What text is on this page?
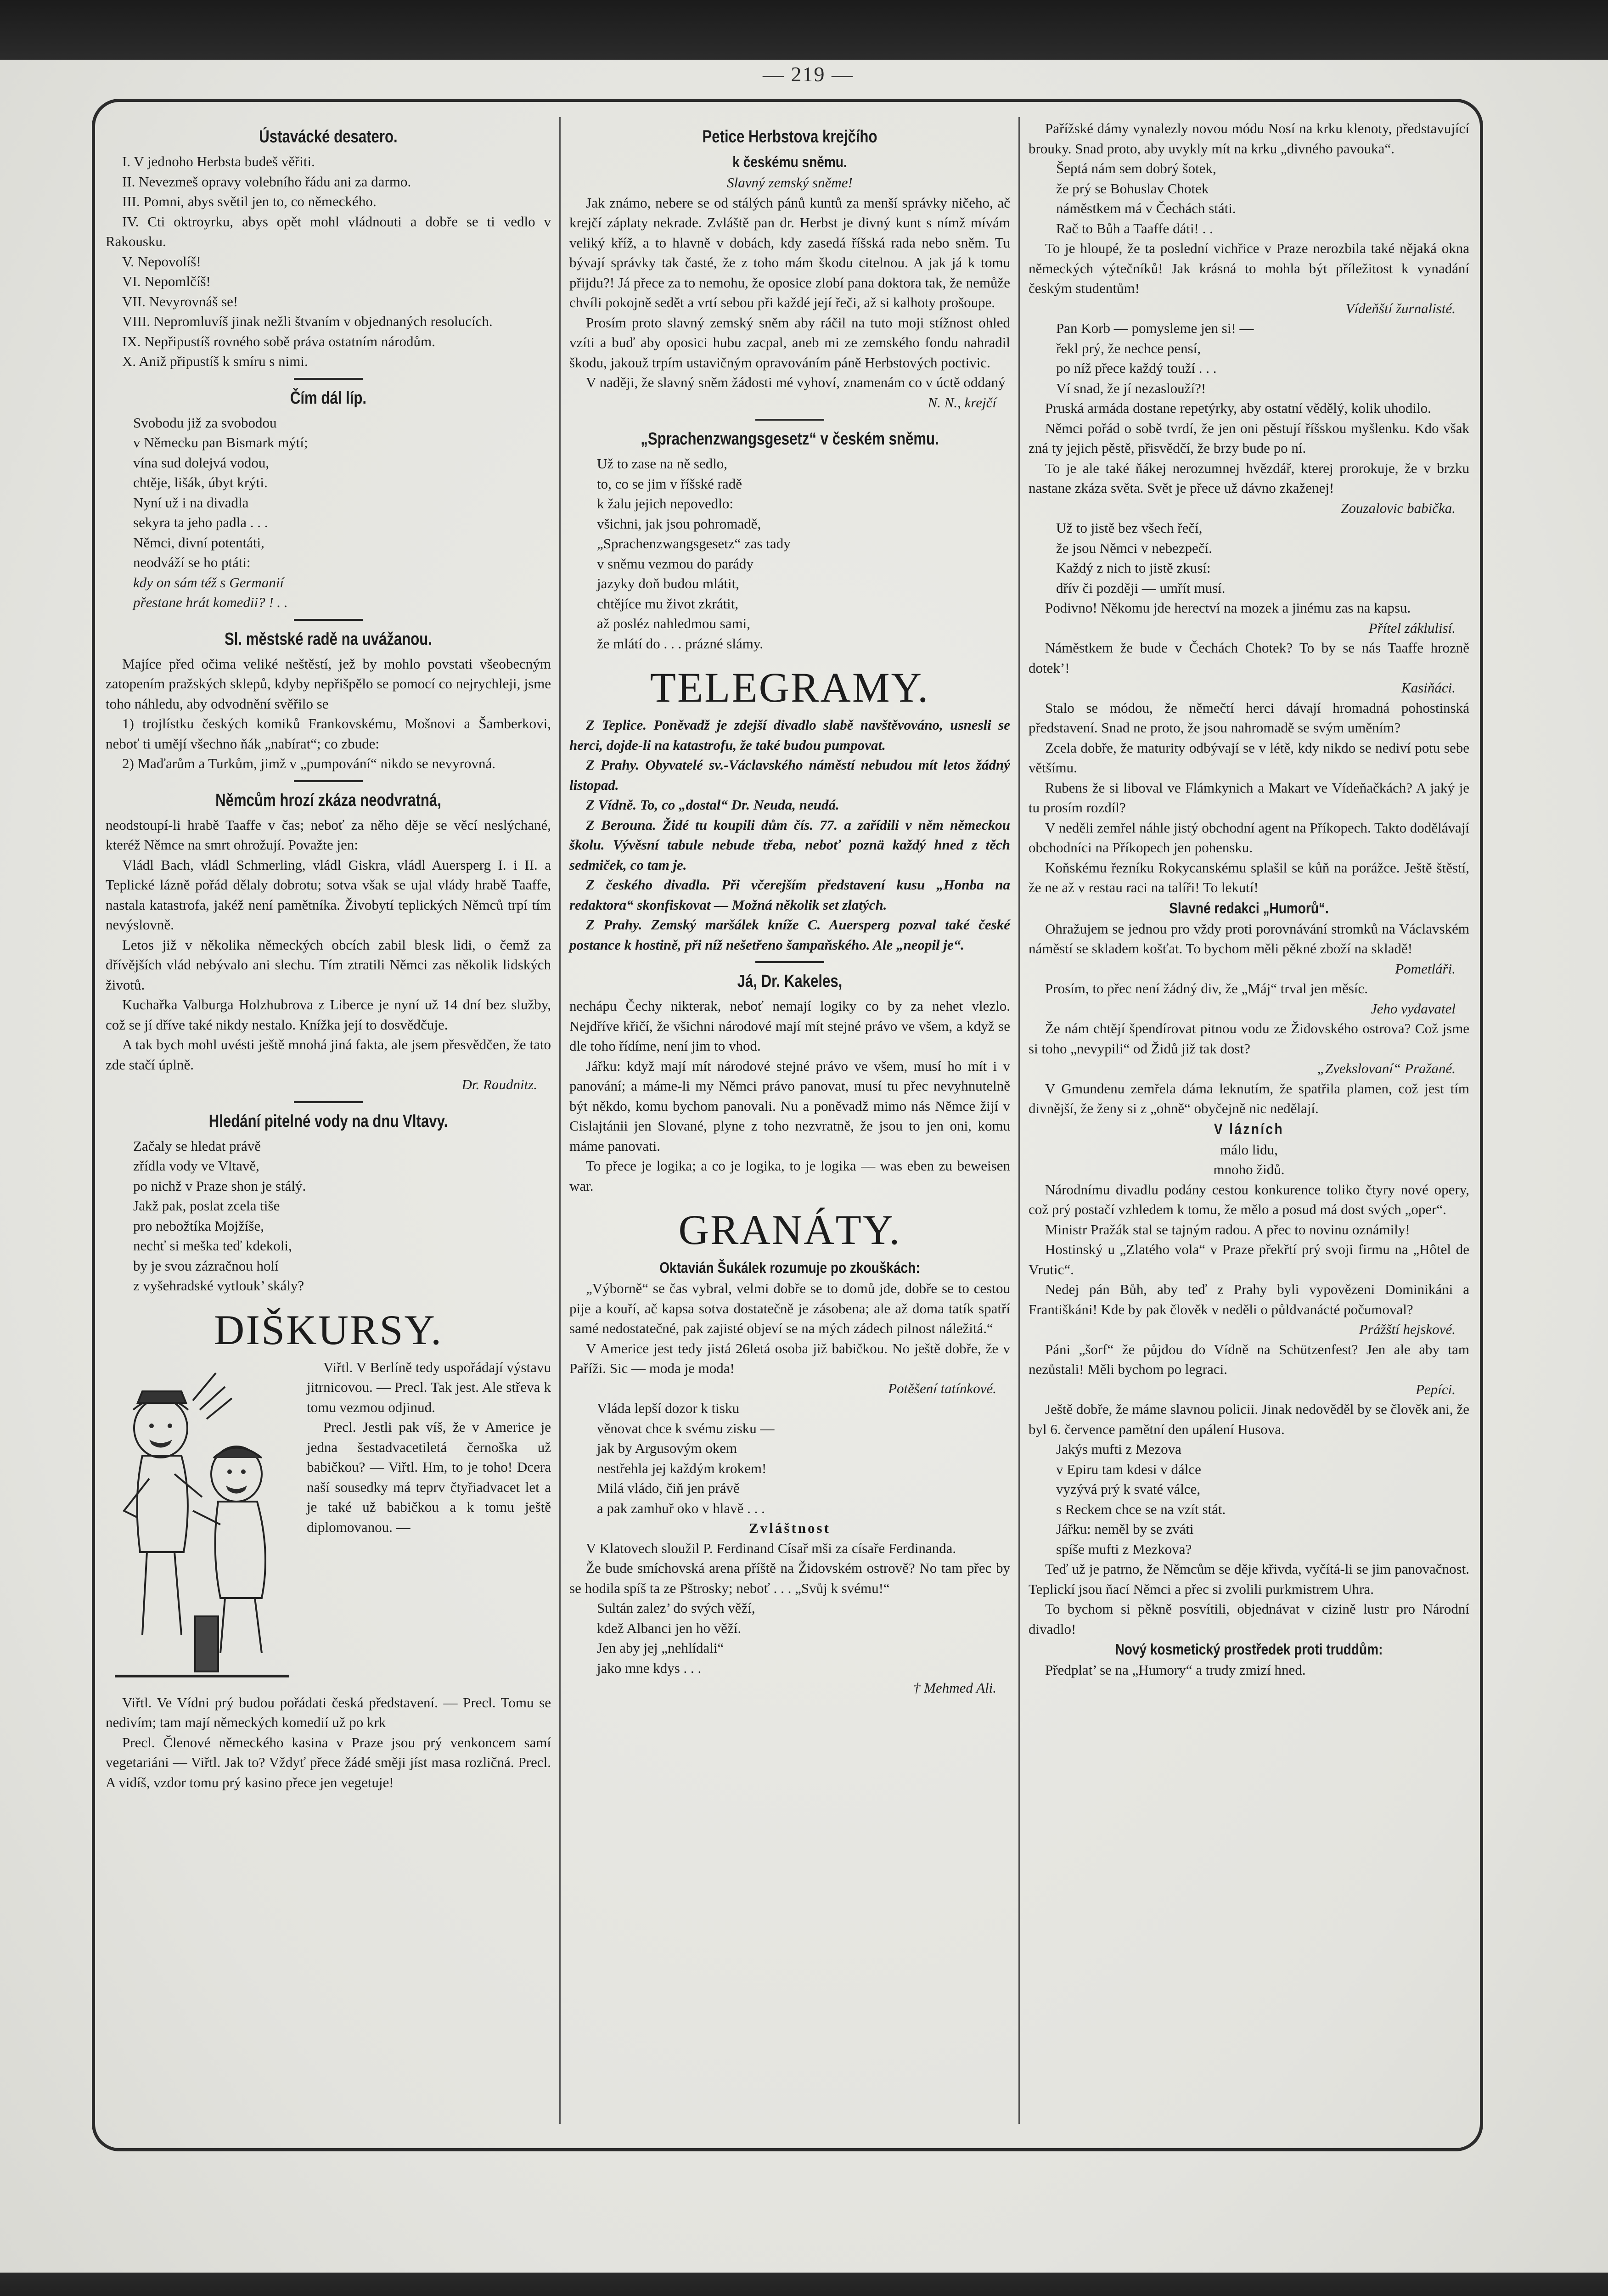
— 219 —
Ústavácké desatero.
I. V jednoho Herbsta budeš věřiti.
II. Nevezmeš opravy volebního řádu ani za darmo.
III. Pomni, abys světil jen to, co německého.
IV. Cti oktroyrku, abys opět mohl vládnouti a dobře se ti vedlo v Rakousku.
V. Nepovolíš!
VI. Nepomlčíš!
VII. Nevyrovnáš se!
VIII. Nepromluvíš jinak nežli štvaním v objednaných resolucích.
IX. Nepřipustíš rovného sobě práva ostatním národům.
X. Aniž připustíš k smíru s nimi.
Čím dál líp.
Svobodu již za svobodou
v Německu pan Bismark mýtí;
vína sud dolejvá vodou,
chtěje, lišák, úbyt krýti.
Nyní už i na divadla
sekyra ta jeho padla . . .
Němci, divní potentáti,
neodváží se ho ptáti:
kdy on sám též s Germanií
přestane hrát komedii? ! . .
Sl. městské radě na uvážanou.
Majíce před očima veliké neštěstí, jež by mohlo povstati všeobecným zatopením pražských sklepů, kdyby nepřišpělo se pomocí co nejrychleji, jsme toho náhledu, aby odvodnění svěřilo se
1) trojlístku českých komiků Frankovskému, Mošnovi a Šamberkovi, neboť ti umějí všechno ňák „nabírat“; co zbude:
2) Maďarům a Turkům, jimž v „pumpování“ nikdo se nevyrovná.
Němcům hrozí zkáza neodvratná,
neodstoupí-li hrabě Taaffe v čas; neboť za něho děje se věcí neslýchané, kteréž Němce na smrt ohrožují. Považte jen:
Vládl Bach, vládl Schmerling, vládl Giskra, vládl Auersperg I. i II. a Teplické lázně pořád dělaly dobrotu; sotva však se ujal vlády hrabě Taaffe, nastala katastrofa, jakéž není pamětníka. Živobytí teplických Němců trpí tím nevýslovně.
Letos již v několika německých obcích zabil blesk lidi, o čemž za dřívějších vlád nebývalo ani slechu. Tím ztratili Němci zas několik lidských životů.
Kuchařka Valburga Holzhubrova z Liberce je nyní už 14 dní bez služby, což se jí dříve také nikdy nestalo. Knížka její to dosvědčuje.
A tak bych mohl uvésti ještě mnohá jiná fakta, ale jsem přesvědčen, že tato zde stačí úplně.
Dr. Raudnitz.
Hledání pitelné vody na dnu Vltavy.
Začaly se hledat právě
zřídla vody ve Vltavě,
po nichž v Praze shon je stálý.
Jakž pak, poslat zcela tiše
pro nebožtíka Mojžíše,
nechť si meška teď kdekoli,
by je svou zázračnou holí
z vyšehradské vytlouk’ skály?
DIŠKURSY.
Viřtl. V Berlíně tedy uspořádají výstavu jitrnicovou. — Precl. Tak jest. Ale střeva k tomu vezmou odjinud.
Precl. Jestli pak víš, že v Americe je jedna šestadvacetiletá černoška už babičkou? — Viřtl. Hm, to je toho! Dcera naší sousedky má teprv čtyřiadvacet let a je také už babičkou a k tomu ještě diplomovanou. —
Viřtl. Ve Vídni prý budou pořádati česká představení. — Precl. Tomu se nedivím; tam mají německých komedií už po krk
Precl. Členové německého kasina v Praze jsou prý venkoncem samí vegetariáni — Viřtl. Jak to? Vždyť přece žádé směji jíst masa rozličná. Precl. A vidíš, vzdor tomu prý kasino přece jen vegetuje!
Petice Herbstova krejčího
k českému sněmu.
Slavný zemský sněme!
Jak známo, nebere se od stálých pánů kuntů za menší správky ničeho, ač krejčí záplaty nekrade. Zvláště pan dr. Herbst je divný kunt s nímž mívám veliký kříž, a to hlavně v dobách, kdy zasedá říšská rada nebo sněm. Tu bývají správky tak časté, že z toho mám škodu citelnou. A jak já k tomu přijdu?! Já přece za to nemohu, že oposice zlobí pana doktora tak, že nemůže chvíli pokojně sedět a vrtí sebou při každé její řeči, až si kalhoty prošoupe.
Prosím proto slavný zemský sněm aby ráčil na tuto moji stížnost ohled vzíti a buď aby oposici hubu zacpal, aneb mi ze zemského fondu nahradil škodu, jakouž trpím ustavičným opravováním páně Herbstových poctivic.
V naději, že slavný sněm žádosti mé vyhoví, znamenám co v úctě oddaný
N. N., krejčí
„Sprachenzwangsgesetz“ v českém sněmu.
Už to zase na ně sedlo,
to, co se jim v říšské radě
k žalu jejich nepovedlo:
všichni, jak jsou pohromadě,
„Sprachenzwangsgesetz“ zas tady
v sněmu vezmou do parády
jazyky doň budou mlátit,
chtějíce mu život zkrátit,
až posléz nahledmou sami,
že mlátí do . . . prázné slámy.
TELEGRAMY.
Z Teplice. Poněvadž je zdejší divadlo slabě navštěvováno, usnesli se herci, dojde-li na katastrofu, že také budou pumpovat.
Z Prahy. Obyvatelé sv.-Václavského náměstí nebudou mít letos žádný listopad.
Z Vídně. To, co „dostal“ Dr. Neuda, neudá.
Z Berouna. Židé tu koupili dům čís. 77. a zařídili v něm německou školu. Vývěsní tabule nebude třeba, neboť poznä každý hned z těch sedmiček, co tam je.
Z českého divadla. Při včerejším představení kusu „Honba na redaktora“ skonfiskovat — Možná několik set zlatých.
Z Prahy. Zemský maršálek kníže C. Auersperg pozval také české postance k hostině, při níž nešetřeno šampaňského. Ale „neopil je“.
Já, Dr. Kakeles,
nechápu Čechy nikterak, neboť nemají logiky co by za nehet vlezlo. Nejdříve křičí, že všichni národové mají mít stejné právo ve všem, a když se dle toho řídíme, není jim to vhod.
Jářku: když mají mít národové stejné právo ve všem, musí ho mít i v panování; a máme-li my Němci právo panovat, musí tu přec nevyhnutelně být někdo, komu bychom panovali. Nu a poněvadž mimo nás Němce žijí v Cislajtánii jen Slované, plyne z toho nezvratně, že jsou to jen oni, komu máme panovati.
To přece je logika; a co je logika, to je logika — was eben zu beweisen war.
GRANÁTY.
Oktavián Šukálek rozumuje po zkouškách:
„Výborně“ se čas vybral, velmi dobře se to domů jde, dobře se to cestou pije a kouří, ač kapsa sotva dostatečně je zásobena; ale až doma tatík spatří samé nedostatečné, pak zajisté objeví se na mých zádech pilnost náležitá.“
V Americe jest tedy jistá 26letá osoba již babičkou. No ještě dobře, že v Paříži. Sic — moda je moda!
Potěšení tatínkové.
Vláda lepší dozor k tisku
věnovat chce k svému zisku —
jak by Argusovým okem
nestřehla jej každým krokem!
Milá vládo, čiň jen právě
a pak zamhuř oko v hlavě . . .
Zvláštnost
V Klatovech sloužil P. Ferdinand Císař mši za císaře Ferdinanda.
Že bude smíchovská arena příště na Židovském ostrově? No tam přec by se hodila spíš ta ze Pštrosky; neboť . . . „Svůj k svému!“
Sultán zalez’ do svých věží,
kdež Albanci jen ho věží.
Jen aby jej „nehlídali“
jako mne kdys . . .
† Mehmed Ali.
Pařížské dámy vynalezly novou módu Nosí na krku klenoty, představující brouky. Snad proto, aby uvykly mít na krku „divného pavouka“.
Šeptá nám sem dobrý šotek,
že prý se Bohuslav Chotek
náměstkem má v Čechách státi.
Rač to Bůh a Taaffe dáti! . .
To je hloupé, že ta poslední vichřice v Praze nerozbila také nějaká okna německých výtečníků! Jak krásná to mohla být příležitost k vynadání českým studentům!
Vídeňští žurnalisté.
Pan Korb — pomysleme jen si! —
řekl prý, že nechce pensí,
po níž přece každý touží . . .
Ví snad, že jí nezaslouží?!
Pruská armáda dostane repetýrky, aby ostatní vědělý, kolik uhodilo.
Němci pořád o sobě tvrdí, že jen oni pěstují říšskou myšlenku. Kdo však zná ty jejich pěstě, přisvědčí, že brzy bude po ní.
To je ale také ňákej nerozumnej hvězdář, kterej prorokuje, že v brzku nastane zkáza světa. Svět je přece už dávno zkaženej!
Zouzalovic babička.
Už to jistě bez všech řečí,
že jsou Němci v nebezpečí.
Každý z nich to jistě zkusí:
dřív či později — umřít musí.
Podivno! Někomu jde herectví na mozek a jinému zas na kapsu.
Přítel záklulisí.
Náměstkem že bude v Čechách Chotek? To by se nás Taaffe hrozně dotek’!
Kasiňáci.
Stalo se módou, že němečtí herci dávají hromadná pohostinská představení. Snad ne proto, že jsou nahromadě se svým uměním?
Zcela dobře, že maturity odbývají se v létě, kdy nikdo se nediví potu sebe většímu.
Rubens že si liboval ve Flámkynich a Makart ve Vídeňačkách? A jaký je tu prosím rozdíl?
V neděli zemřel náhle jistý obchodní agent na Příkopech. Takto dodělávají obchodníci na Příkopech jen pohensku.
Koňskému řezníku Rokycanskému splašil se kůň na porážce. Ještě štěstí, že ne až v restau raci na talíři! To lekutí!
Slavné redakci „Humorů“.
Ohražujem se jednou pro vždy proti porovnávání stromků na Václavském náměstí se skladem košťat. To bychom měli pěkné zboží na skladě!
Pometláři.
Prosím, to přec není žádný div, že „Máj“ trval jen měsíc.
Jeho vydavatel
Že nám chtějí špendírovat pitnou vodu ze Židovského ostrova? Což jsme si toho „nevypili“ od Židů již tak dost?
„Zvekslovaní“ Pražané.
V Gmundenu zemřela dáma leknutím, že spatřila plamen, což jest tím divnější, že ženy si z „ohně“ obyčejně nic nedělají.
V lázních
málo lidu,
mnoho židů.
Národnímu divadlu podány cestou konkurence toliko čtyry nové opery, což prý postačí vzhledem k tomu, že mělo a posud má dost svých „oper“.
Ministr Pražák stal se tajným radou. A přec to novinu oznámily!
Hostinský u „Zlatého vola“ v Praze překřtí prý svoji firmu na „Hôtel de Vrutic“.
Nedej pán Bůh, aby teď z Prahy byli vypovězeni Dominikáni a Františkáni! Kde by pak člověk v neděli o půldvanácté počumoval?
Prážští hejskové.
Páni „šorf“ že půjdou do Vídně na Schützenfest? Jen ale aby tam nezůstali! Měli bychom po legraci.
Pepíci.
Ještě dobře, že máme slavnou policii. Jinak nedověděl by se člověk ani, že byl 6. července pamětní den upálení Husova.
Jakýs mufti z Mezova
v Epiru tam kdesi v dálce
vyzývá prý k svaté válce,
s Reckem chce se na vzít stát.
Jářku: neměl by se zváti
spíše mufti z Mezkova?
Teď už je patrno, že Němcům se děje křivda, vyčítá-li se jim panovačnost. Teplickí jsou ňací Němci a přec si zvolili purkmistrem Uhra.
To bychom si pěkně posvítili, objednávat v cizině lustr pro Národní divadlo!
Nový kosmetický prostředek proti truddům:
Předplat’ se na „Humory“ a trudy zmizí hned.
